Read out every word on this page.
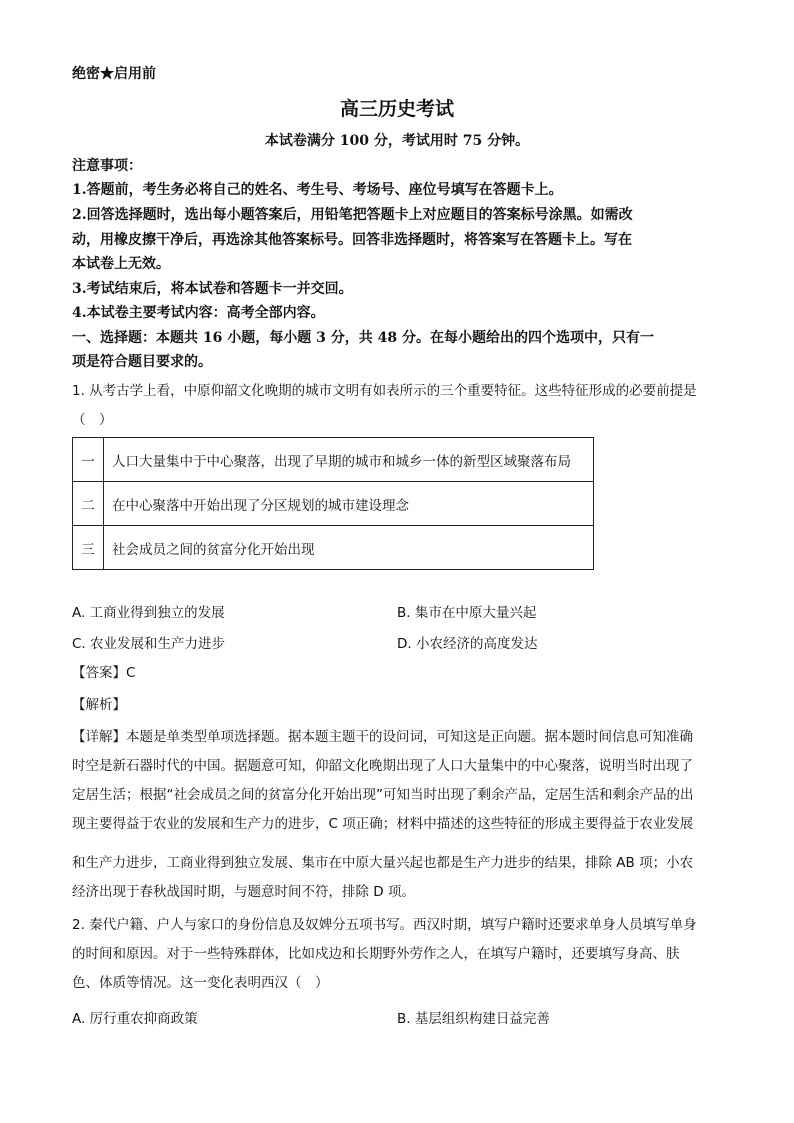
绝密★启用前
高三历史考试
本试卷满分 100 分，考试用时 75 分钟。
注意事项：
1.答题前，考生务必将自己的姓名、考生号、考场号、座位号填写在答题卡上。
2.回答选择题时，选出每小题答案后，用铅笔把答题卡上对应题目的答案标号涂黑。如需改
动，用橡皮擦干净后，再选涂其他答案标号。回答非选择题时，将答案写在答题卡上。写在
本试卷上无效。
3.考试结束后，将本试卷和答题卡一并交回。
4.本试卷主要考试内容：高考全部内容。
一、选择题：本题共 16 小题，每小题 3 分，共 48 分。在每小题给出的四个选项中，只有一
项是符合题目要求的。
1. 从考古学上看，中原仰韶文化晚期的城市文明有如表所示的三个重要特征。这些特征形成的必要前提是
（　）
一	人口大量集中于中心聚落，出现了早期的城市和城乡一体的新型区域聚落布局
二	在中心聚落中开始出现了分区规划的城市建设理念
三	社会成员之间的贫富分化开始出现
A. 工商业得到独立的发展	B. 集市在中原大量兴起
C. 农业发展和生产力进步	D. 小农经济的高度发达
【答案】C
【解析】
【详解】本题是单类型单项选择题。据本题主题干的设问词，可知这是正向题。据本题时间信息可知准确
时空是新石器时代的中国。据题意可知，仰韶文化晚期出现了人口大量集中的中心聚落，说明当时出现了
定居生活；根据“社会成员之间的贫富分化开始出现”可知当时出现了剩余产品，定居生活和剩余产品的出
现主要得益于农业的发展和生产力的进步，C 项正确；材料中描述的这些特征的形成主要得益于农业发展
和生产力进步，工商业得到独立发展、集市在中原大量兴起也都是生产力进步的结果，排除 AB 项；小农
经济出现于春秋战国时期，与题意时间不符，排除 D 项。
2. 秦代户籍、户人与家口的身份信息及奴婢分五项书写。西汉时期，填写户籍时还要求单身人员填写单身
的时间和原因。对于一些特殊群体，比如戍边和长期野外劳作之人，在填写户籍时，还要填写身高、肤
色、体质等情况。这一变化表明西汉（　）
A. 厉行重农抑商政策	B. 基层组织构建日益完善
